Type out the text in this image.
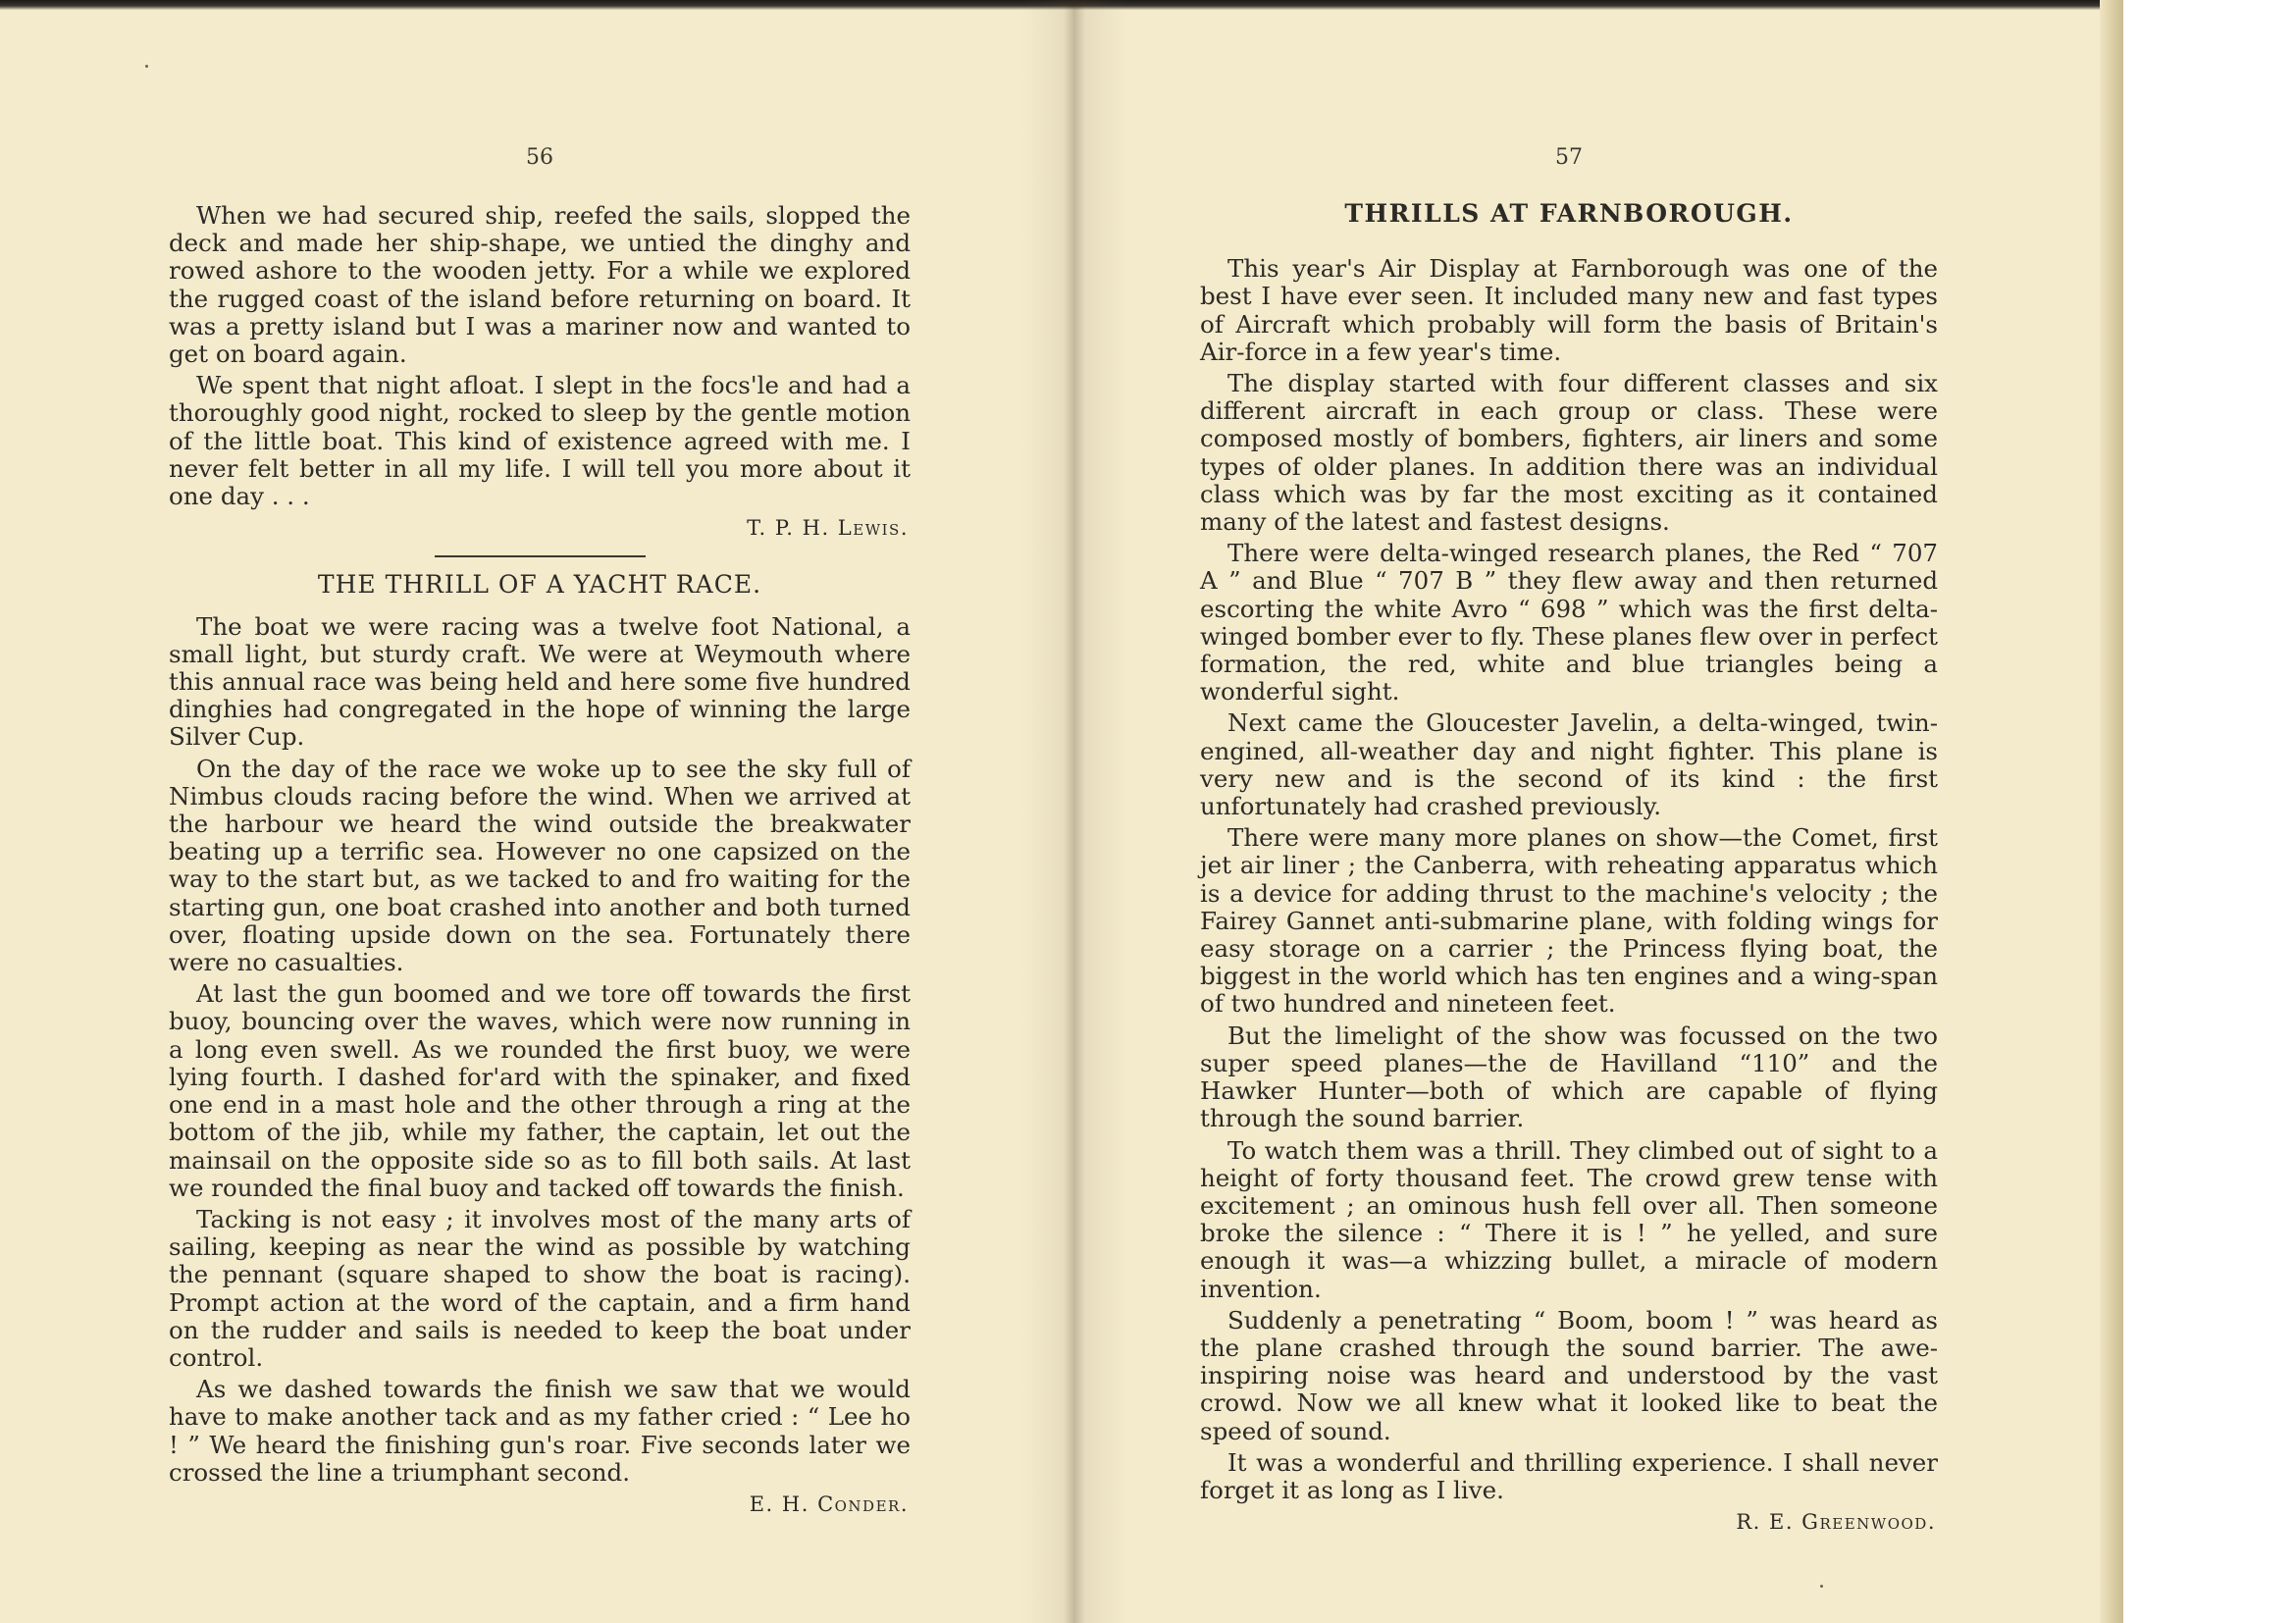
56

When we had secured ship, reefed the sails, slopped the deck and made her ship-shape, we untied the dinghy and rowed ashore to the wooden jetty. For a while we explored the rugged coast of the island before returning on board. It was a pretty island but I was a mariner now and wanted to get on board again.

We spent that night afloat. I slept in the focs'le and had a thoroughly good night, rocked to sleep by the gentle motion of the little boat. This kind of existence agreed with me. I never felt better in all my life. I will tell you more about it one day . . .

T. P. H. Lewis.
THE THRILL OF A YACHT RACE.

The boat we were racing was a twelve foot National, a small light, but sturdy craft. We were at Weymouth where this annual race was being held and here some five hundred dinghies had congregated in the hope of winning the large Silver Cup.

On the day of the race we woke up to see the sky full of Nimbus clouds racing before the wind. When we arrived at the harbour we heard the wind outside the breakwater beating up a terrific sea. However no one capsized on the way to the start but, as we tacked to and fro waiting for the starting gun, one boat crashed into another and both turned over, floating upside down on the sea. Fortunately there were no casualties.

At last the gun boomed and we tore off towards the first buoy, bouncing over the waves, which were now running in a long even swell. As we rounded the first buoy, we were lying fourth. I dashed for'ard with the spinaker, and fixed one end in a mast hole and the other through a ring at the bottom of the jib, while my father, the captain, let out the mainsail on the opposite side so as to fill both sails. At last we rounded the final buoy and tacked off towards the finish.

Tacking is not easy ; it involves most of the many arts of sailing, keeping as near the wind as possible by watching the pennant (square shaped to show the boat is racing). Prompt action at the word of the captain, and a firm hand on the rudder and sails is needed to keep the boat under control.

As we dashed towards the finish we saw that we would have to make another tack and as my father cried : “ Lee ho ! ” We heard the finishing gun's roar. Five seconds later we crossed the line a triumphant second.

E. H. Conder.
57
THRILLS AT FARNBOROUGH.

This year's Air Display at Farnborough was one of the best I have ever seen. It included many new and fast types of Aircraft which probably will form the basis of Britain's Air-force in a few year's time.

The display started with four different classes and six different aircraft in each group or class. These were composed mostly of bombers, fighters, air liners and some types of older planes. In addition there was an individual class which was by far the most exciting as it contained many of the latest and fastest designs.

There were delta-winged research planes, the Red “ 707 A ” and Blue “ 707 B ” they flew away and then returned escorting the white Avro “ 698 ” which was the first delta-winged bomber ever to fly. These planes flew over in perfect formation, the red, white and blue triangles being a wonderful sight.

Next came the Gloucester Javelin, a delta-winged, twin-engined, all-weather day and night fighter. This plane is very new and is the second of its kind : the first unfortunately had crashed previously.

There were many more planes on show—the Comet, first jet air liner ; the Canberra, with reheating apparatus which is a device for adding thrust to the machine's velocity ; the Fairey Gannet anti-submarine plane, with folding wings for easy storage on a carrier ; the Princess flying boat, the biggest in the world which has ten engines and a wing-span of two hundred and nineteen feet.

But the limelight of the show was focussed on the two super speed planes—the de Havilland “110” and the Hawker Hunter—both of which are capable of flying through the sound barrier.

To watch them was a thrill. They climbed out of sight to a height of forty thousand feet. The crowd grew tense with excitement ; an ominous hush fell over all. Then someone broke the silence : “ There it is ! ” he yelled, and sure enough it was—a whizzing bullet, a miracle of modern invention.

Suddenly a penetrating “ Boom, boom ! ” was heard as the plane crashed through the sound barrier. The awe-inspiring noise was heard and understood by the vast crowd. Now we all knew what it looked like to beat the speed of sound.

It was a wonderful and thrilling experience. I shall never forget it as long as I live.

R. E. Greenwood.
